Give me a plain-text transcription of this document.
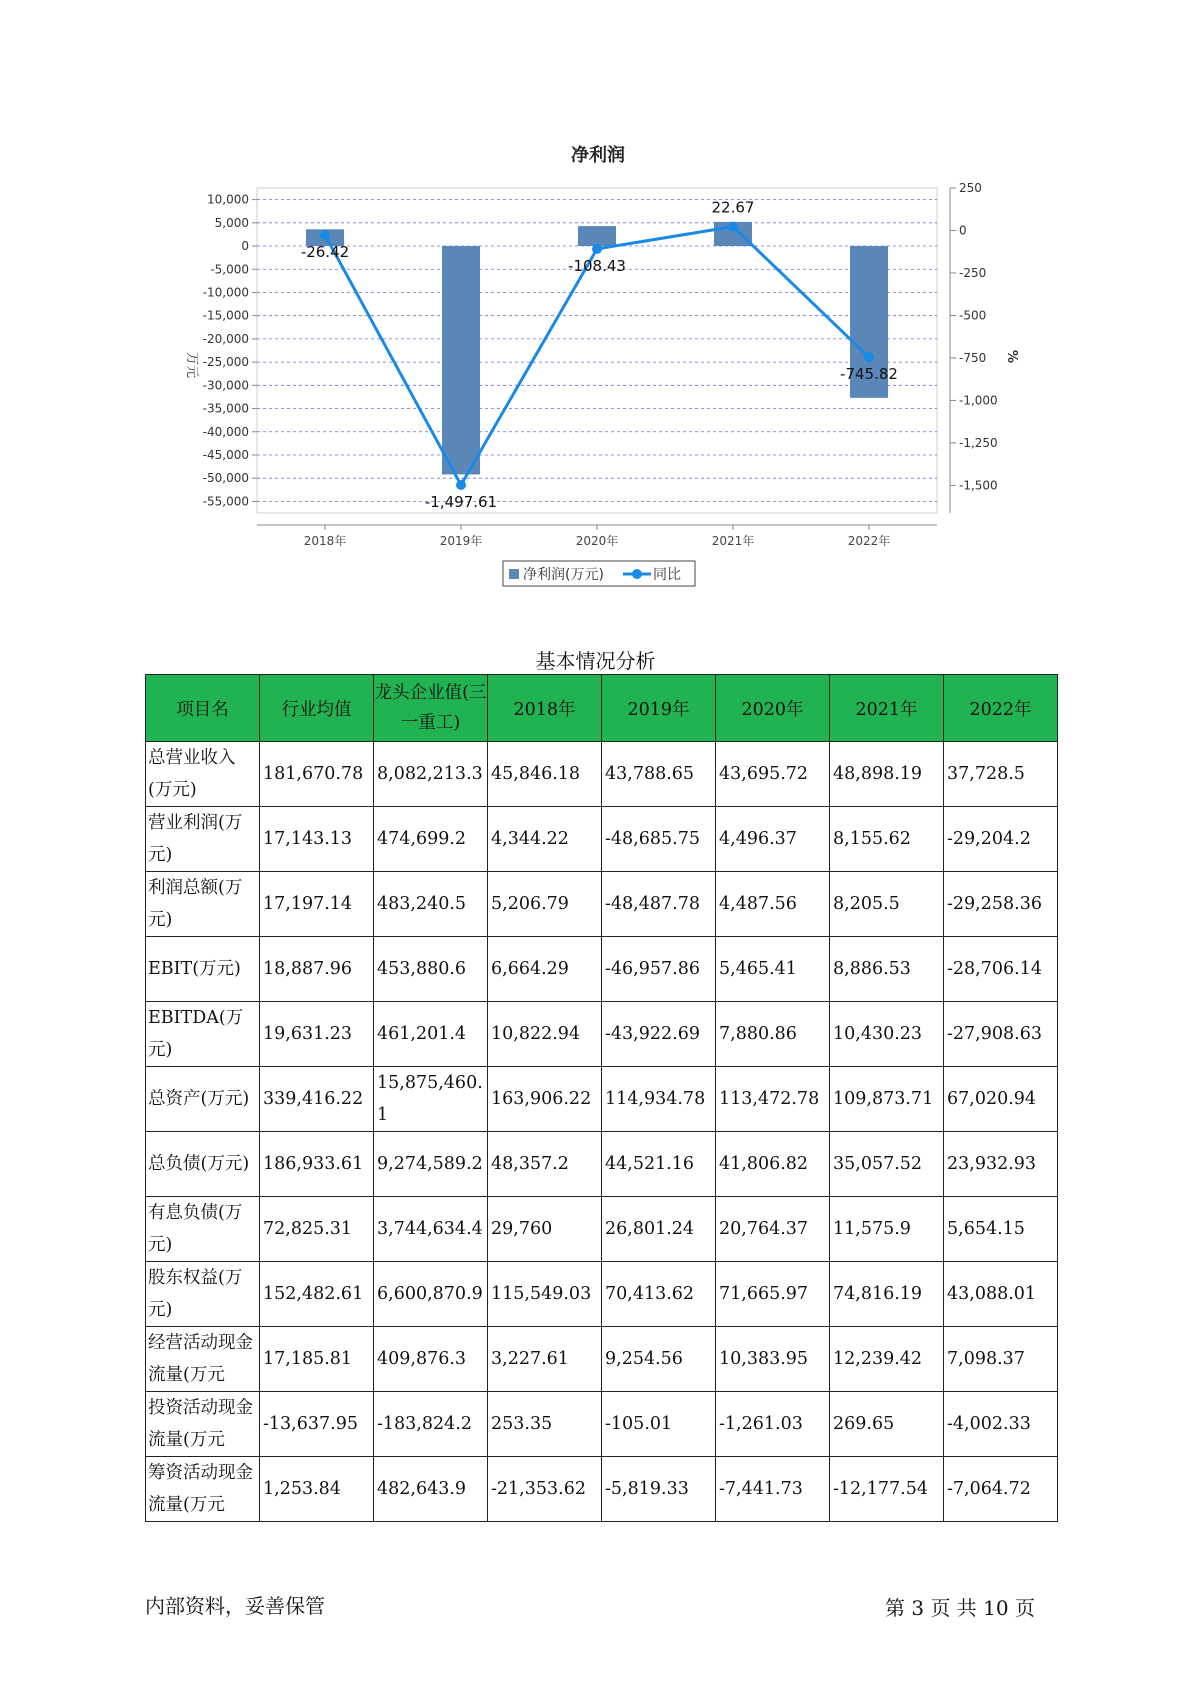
净利润
10,000
5,000
0
-5,000
-10,000
-15,000
-20,000
-25,000
-30,000
-35,000
-40,000
-45,000
-50,000
-55,000
250
0
-250
-500
-750
-1,000
-1,250
-1,500
2018年	2019年	2020年	2021年	2022年
万元	%
-26.42
-1,497.61
-108.43
22.67
-745.82
净利润(万元)	同比
基本情况分析
项目名	行业均值	龙头企业值(三一重工)	2018年	2019年	2020年	2021年	2022年
总营业收入(万元)	181,670.78	8,082,213.3	45,846.18	43,788.65	43,695.72	48,898.19	37,728.5
营业利润(万元)	17,143.13	474,699.2	4,344.22	-48,685.75	4,496.37	8,155.62	-29,204.2
利润总额(万元)	17,197.14	483,240.5	5,206.79	-48,487.78	4,487.56	8,205.5	-29,258.36
EBIT(万元)	18,887.96	453,880.6	6,664.29	-46,957.86	5,465.41	8,886.53	-28,706.14
EBITDA(万元)	19,631.23	461,201.4	10,822.94	-43,922.69	7,880.86	10,430.23	-27,908.63
总资产(万元)	339,416.22	15,875,460.1	163,906.22	114,934.78	113,472.78	109,873.71	67,020.94
总负债(万元)	186,933.61	9,274,589.2	48,357.2	44,521.16	41,806.82	35,057.52	23,932.93
有息负债(万元)	72,825.31	3,744,634.4	29,760	26,801.24	20,764.37	11,575.9	5,654.15
股东权益(万元)	152,482.61	6,600,870.9	115,549.03	70,413.62	71,665.97	74,816.19	43,088.01
经营活动现金流量(万元	17,185.81	409,876.3	3,227.61	9,254.56	10,383.95	12,239.42	7,098.37
投资活动现金流量(万元	-13,637.95	-183,824.2	253.35	-105.01	-1,261.03	269.65	-4,002.33
筹资活动现金流量(万元	1,253.84	482,643.9	-21,353.62	-5,819.33	-7,441.73	-12,177.54	-7,064.72
内部资料，妥善保管	第 3 页 共 10 页
